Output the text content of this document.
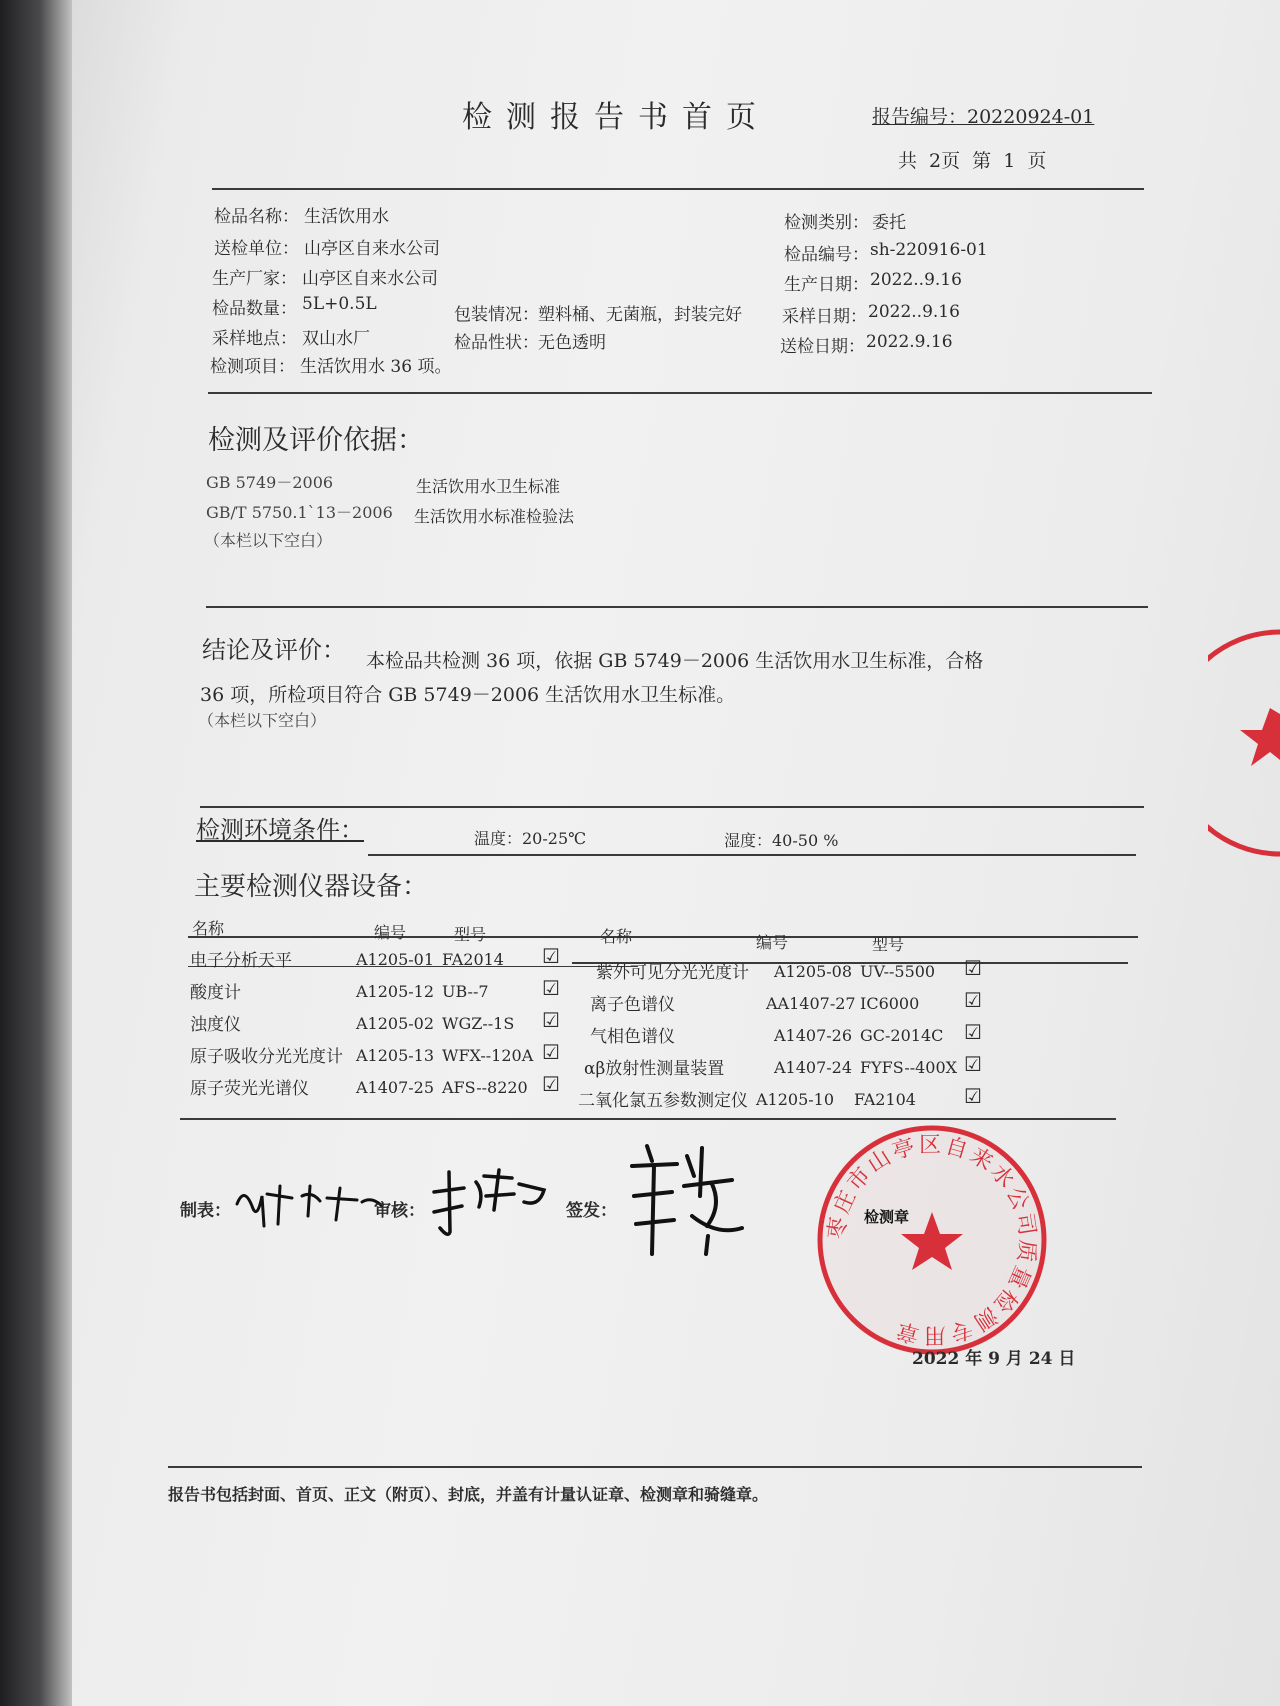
检测报告书首页	报告编号：20220924-01
共 2页 第 1 页
检品名称： 生活饮用水
送检单位： 山亭区自来水公司
生产厂家： 山亭区自来水公司
检品数量： 5L+0.5L
包装情况： 塑料桶、无菌瓶，封装完好
采样地点： 双山水厂	检品性状： 无色透明
检测项目： 生活饮用水 36 项。
检测类别： 委托
检品编号： sh-220916-01
生产日期： 2022..9.16
采样日期： 2022..9.16
送检日期： 2022.9.16
检测及评价依据：
GB 5749－2006	生活饮用水卫生标准
GB/T 5750.1`13－2006 生活饮用水标准检验法
（本栏以下空白）
结论及评价： 本检品共检测 36 项，依据 GB 5749－2006 生活饮用水卫生标准，合格
36 项，所检项目符合 GB 5749－2006 生活饮用水卫生标准。
（本栏以下空白）
检测环境条件：	温度：20-25℃	湿度：40-50 %
主要检测仪器设备：
名称	编号	型号	名称	编号	型号
电子分析天平	A1205-01 FA2014 ☑
酸度计	A1205-12 UB--7	☑
浊度仪	A1205-02 WGZ--1S ☑
原子吸收分光光度计 A1205-13 WFX--120A ☑
原子荧光光谱仪	A1407-25 AFS--8220 ☑
紫外可见分光光度计 A1205-08 UV--5500 ☑
离子色谱仪	AA1407-27 IC6000 ☑
气相色谱仪	A1407-26 GC-2014C ☑
αβ放射性测量装置	A1407-24 FYFS--400X ☑
二氧化氯五参数测定仪 A1205-10 FA2104 ☑
制表：	审核：	签发：
枣庄市山亭区自来水公司质量检测专用章
检测章
2022 年 9 月 24 日
报告书包括封面、首页、正文（附页）、封底，并盖有计量认证章、检测章和骑缝章。
